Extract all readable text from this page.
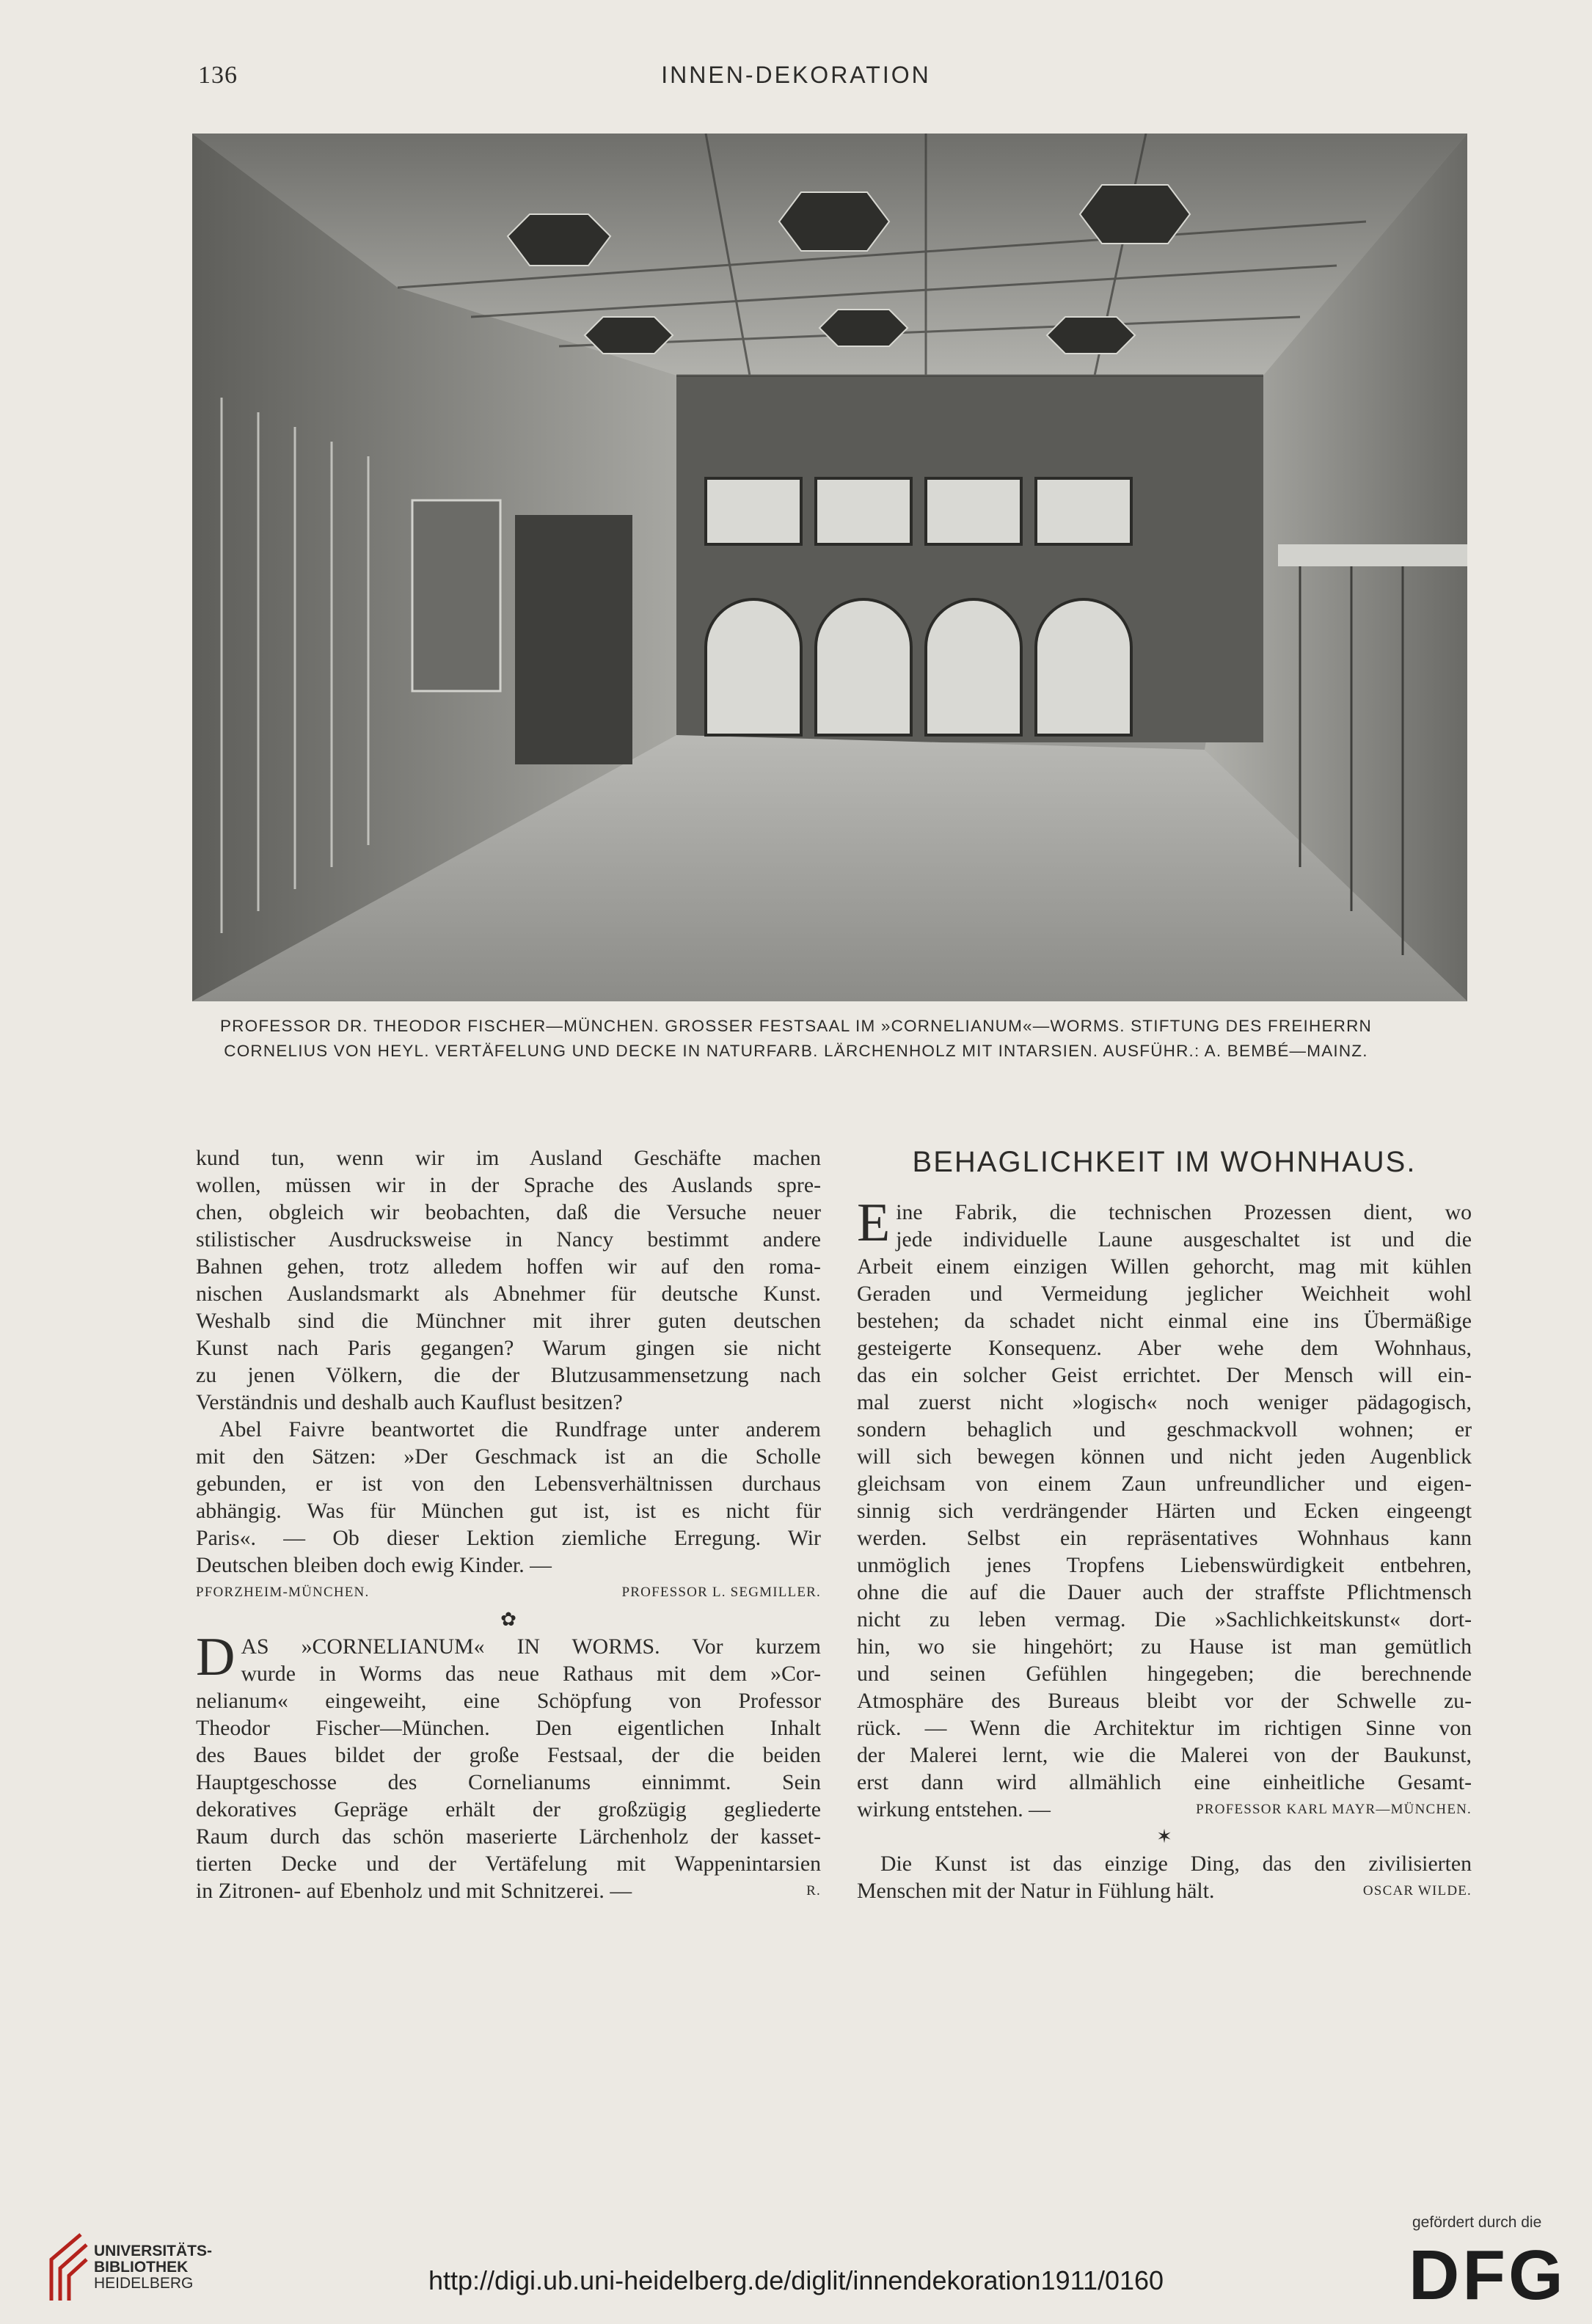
136	INNEN-DEKORATION
PROFESSOR DR. THEODOR FISCHER—MÜNCHEN. GROSSER FESTSAAL IM »CORNELIANUM«—WORMS. STIFTUNG DES FREIHERRN
CORNELIUS VON HEYL. VERTÄFELUNG UND DECKE IN NATURFARB. LÄRCHENHOLZ MIT INTARSIEN. AUSFÜHR.: A. BEMBÉ—MAINZ.
kund tun, wenn wir im Ausland Geschäfte machen
wollen, müssen wir in der Sprache des Auslands spre-
chen, obgleich wir beobachten, daß die Versuche neuer
stilistischer Ausdrucksweise in Nancy bestimmt andere
Bahnen gehen, trotz alledem hoffen wir auf den roma-
nischen Auslandsmarkt als Abnehmer für deutsche Kunst.
Weshalb sind die Münchner mit ihrer guten deutschen
Kunst nach Paris gegangen? Warum gingen sie nicht
zu jenen Völkern, die der Blutzusammensetzung nach
Verständnis und deshalb auch Kauflust besitzen?
Abel Faivre beantwortet die Rundfrage unter anderem
mit den Sätzen: »Der Geschmack ist an die Scholle
gebunden, er ist von den Lebensverhältnissen durchaus
abhängig. Was für München gut ist, ist es nicht für
Paris«. — Ob dieser Lektion ziemliche Erregung. Wir
Deutschen bleiben doch ewig Kinder. —
PFORZHEIM-MÜNCHEN.	PROFESSOR L. SEGMILLER.
✿
D AS »CORNELIANUM« IN WORMS. Vor kurzem
wurde in Worms das neue Rathaus mit dem »Cor-
nelianum« eingeweiht, eine Schöpfung von Professor
Theodor Fischer—München. Den eigentlichen Inhalt
des Baues bildet der große Festsaal, der die beiden
Hauptgeschosse des Cornelianums einnimmt. Sein
dekoratives Gepräge erhält der großzügig gegliederte
Raum durch das schön maserierte Lärchenholz der kasset-
tierten Decke und der Vertäfelung mit Wappenintarsien
in Zitronen- auf Ebenholz und mit Schnitzerei. —	R.
BEHAGLICHKEIT IM WOHNHAUS.
E ine Fabrik, die technischen Prozessen dient, wo
jede individuelle Laune ausgeschaltet ist und die
Arbeit einem einzigen Willen gehorcht, mag mit kühlen
Geraden und Vermeidung jeglicher Weichheit wohl
bestehen; da schadet nicht einmal eine ins Übermäßige
gesteigerte Konsequenz. Aber wehe dem Wohnhaus,
das ein solcher Geist errichtet. Der Mensch will ein-
mal zuerst nicht »logisch« noch weniger pädagogisch,
sondern behaglich und geschmackvoll wohnen; er
will sich bewegen können und nicht jeden Augenblick
gleichsam von einem Zaun unfreundlicher und eigen-
sinnig sich verdrängender Härten und Ecken eingeengt
werden. Selbst ein repräsentatives Wohnhaus kann
unmöglich jenes Tropfens Liebenswürdigkeit entbehren,
ohne die auf die Dauer auch der straffste Pflichtmensch
nicht zu leben vermag. Die »Sachlichkeitskunst« dort-
hin, wo sie hingehört; zu Hause ist man gemütlich
und seinen Gefühlen hingegeben; die berechnende
Atmosphäre des Bureaus bleibt vor der Schwelle zu-
rück. — Wenn die Architektur im richtigen Sinne von
der Malerei lernt, wie die Malerei von der Baukunst,
erst dann wird allmählich eine einheitliche Gesamt-
wirkung entstehen. —	PROFESSOR KARL MAYR—MÜNCHEN.
✶
Die Kunst ist das einzige Ding, das den zivilisierten
Menschen mit der Natur in Fühlung hält.	OSCAR WILDE.
UNIVERSITÄTS-
BIBLIOTHEK
HEIDELBERG	http://digi.ub.uni-heidelberg.de/diglit/innendekoration1911/0160
gefördert durch die
DFG
